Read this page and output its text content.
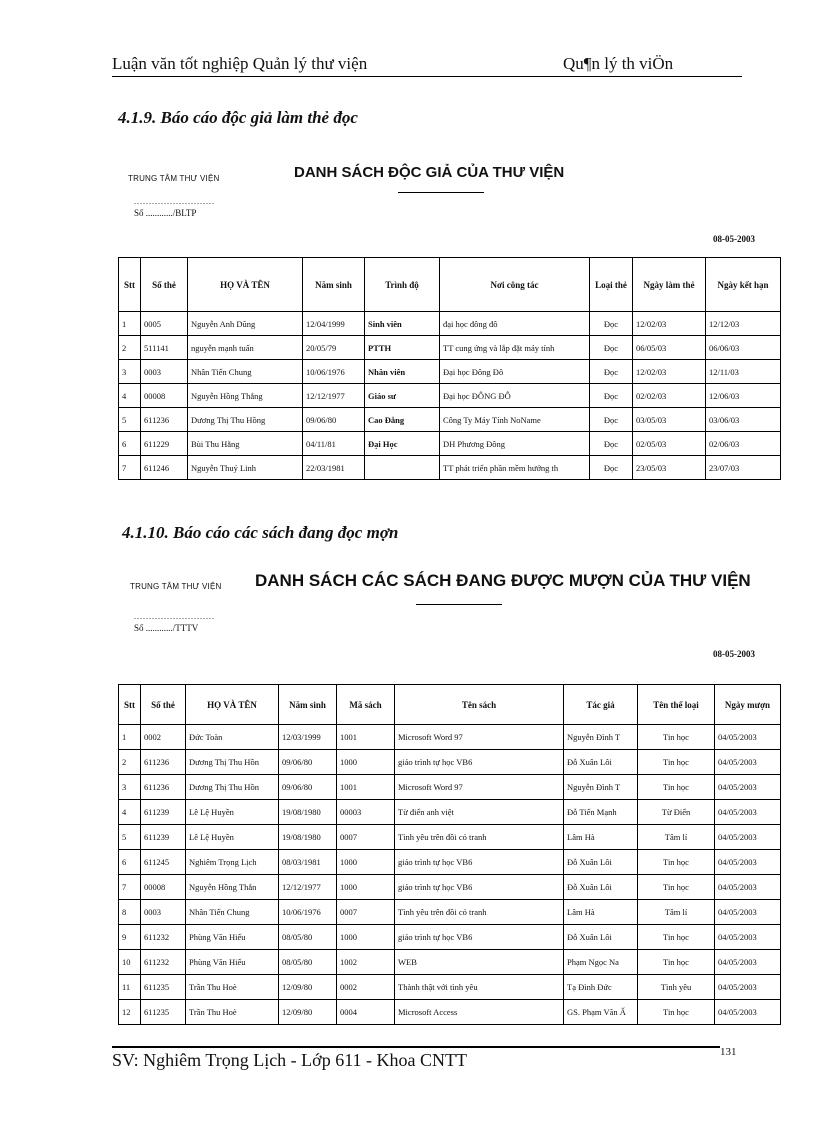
Luận văn tốt nghiệp Quản lý thư viện	Qu¶n lý th viÖn
4.1.9. Báo cáo độc giả làm thẻ đọc
TRUNG TÂM THƯ VIỆN
...........................
Số ............/BLTP
DANH SÁCH ĐỘC GIẢ CỦA THƯ VIỆN
08-05-2003
Stt	Số thẻ	HỌ VÀ TÊN	Năm sinh	Trình độ	Nơi công tác	Loại thẻ	Ngày làm thẻ	Ngày kết hạn
1	0005	Nguyễn Anh Dũng	12/04/1999	Sinh viên	đại học đông đô	Đọc	12/02/03	12/12/03
2	511141	nguyễn mạnh tuấn	20/05/79	PTTH	TT cung ứng và lắp đặt máy tính	Đọc	06/05/03	06/06/03
3	0003	Nhân Tiến Chung	10/06/1976	Nhân viên	Đại học Đông Đô	Đọc	12/02/03	12/11/03
4	00008	Nguyễn Hồng Thắng	12/12/1977	Giáo sư	Đại học ĐÔNG ĐÔ	Đọc	02/02/03	12/06/03
5	611236	Dương Thị Thu Hồng	09/06/80	Cao Đẳng	Công Ty Máy Tính NoName	Đọc	03/05/03	03/06/03
6	611229	Bùi Thu Hằng	04/11/81	Đại Học	DH Phương Đông	Đọc	02/05/03	02/06/03
7	611246	Nguyễn Thuý Linh	22/03/1981		TT phát triển phần mềm hướng th	Đọc	23/05/03	23/07/03
4.1.10. Báo cáo các sách đang đọc mợn
TRUNG TÂM THƯ VIỆN
...........................
Số ............/TTTV
DANH SÁCH CÁC SÁCH ĐANG ĐƯỢC MƯỢN CỦA THƯ VIỆN
08-05-2003
Stt	Số thẻ	HỌ VÀ TÊN	Năm sinh	Mã sách	Tên sách	Tác giả	Tên thể loại	Ngày mượn
1	0002	Đức Toàn	12/03/1999	1001	Microsoft Word 97	Nguyễn Đình T	Tin học	04/05/2003
2	611236	Dương Thị Thu Hồn	09/06/80	1000	giáo trình tự học VB6	Đỗ Xuân Lôi	Tin học	04/05/2003
3	611236	Dương Thị Thu Hồn	09/06/80	1001	Microsoft Word 97	Nguyễn Đình T	Tin học	04/05/2003
4	611239	Lê Lệ Huyền	19/08/1980	00003	Từ điển anh việt	Đỗ Tiến Mạnh	Từ Điển	04/05/2003
5	611239	Lê Lệ Huyền	19/08/1980	0007	Tình yêu trên đồi cỏ tranh	Lâm Hà	Tâm lí	04/05/2003
6	611245	Nghiêm Trọng Lịch	08/03/1981	1000	giáo trình tự học VB6	Đỗ Xuân Lôi	Tin học	04/05/2003
7	00008	Nguyễn Hồng Thắn	12/12/1977	1000	giáo trình tự học VB6	Đỗ Xuân Lôi	Tin học	04/05/2003
8	0003	Nhân Tiến Chung	10/06/1976	0007	Tình yêu trên đồi cỏ tranh	Lâm Hà	Tâm lí	04/05/2003
9	611232	Phùng Văn Hiếu	08/05/80	1000	giáo trình tự học VB6	Đỗ Xuân Lôi	Tin học	04/05/2003
10	611232	Phùng Văn Hiếu	08/05/80	1002	WEB	Phạm Ngọc Na	Tin học	04/05/2003
11	611235	Trần Thu Hoè	12/09/80	0002	Thành thật với tình yêu	Tạ Đình Đức	Tình yêu	04/05/2003
12	611235	Trần Thu Hoè	12/09/80	0004	Microsoft Access	GS. Phạm Văn Ấ	Tin học	04/05/2003
SV: Nghiêm Trọng Lịch - Lớp 611 - Khoa CNTT	131
